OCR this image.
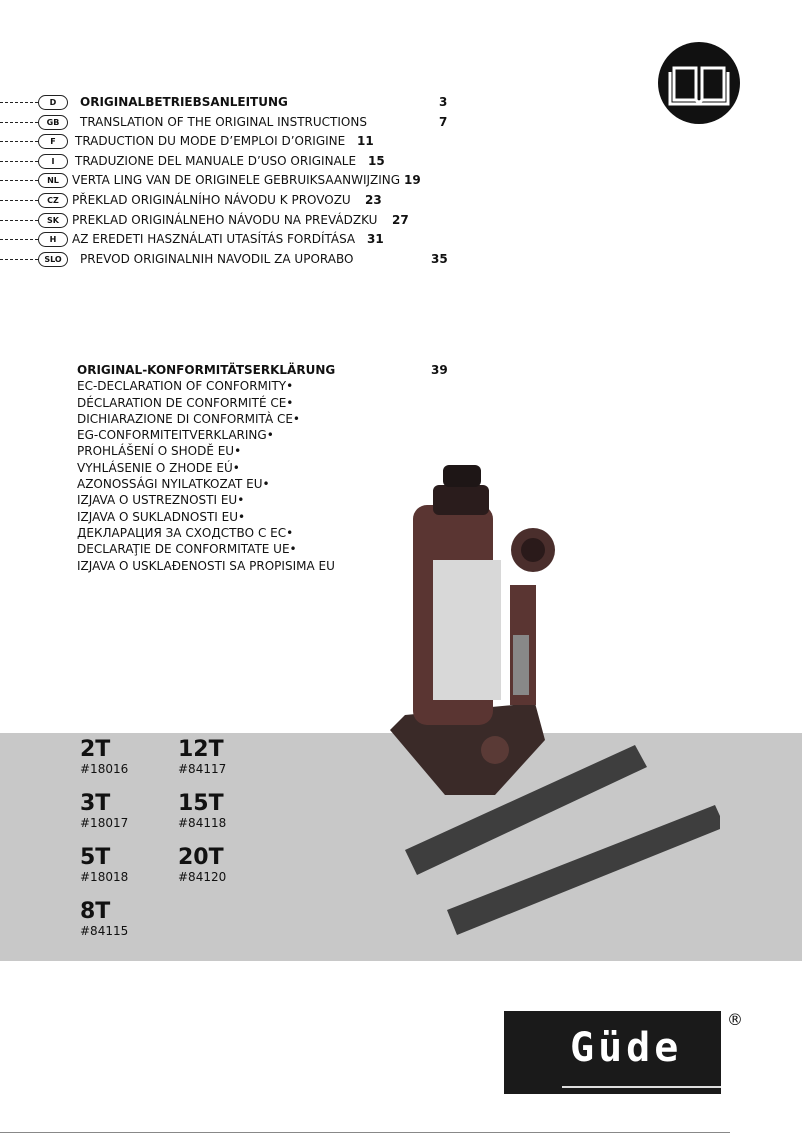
D	ORIGINALBETRIEBSANLEITUNG	3
GB	TRANSLATION OF THE ORIGINAL INSTRUCTIONS	7
F	TRADUCTION DU MODE D’EMPLOI D’ORIGINE 11
I	TRADUZIONE DEL MANUALE D’USO ORIGINALE 15
NL	VERTA LING VAN DE ORIGINELE GEBRUIKSAANWIJZING 19
CZ	PŘEKLAD ORIGINÁLNÍHO NÁVODU K PROVOZU 23
SK	PREKLAD ORIGINÁLNEHO NÁVODU NA PREVÁDZKU 27
H	AZ EREDETI HASZNÁLATI UTASÍTÁS FORDÍTÁSA 31
SLO	PREVOD ORIGINALNIH NAVODIL ZA UPORABO	35
ORIGINAL-KONFORMITÄTSERKLÄRUNG	39
EC-DECLARATION OF CONFORMITY•
DÉCLARATION DE CONFORMITÉ CE•
DICHIARAZIONE DI CONFORMITÀ CE•
EG-CONFORMITEITVERKLARING•
PROHLÁŠENÍ O SHODĚ EU•
VYHLÁSENIE O ZHODE EÚ•
AZONOSSÁGI NYILATKOZAT EU•
IZJAVA O USTREZNOSTI EU•
IZJAVA O SUKLADNOSTI EU•
ДЕКЛАРАЦИЯ ЗА СХОДСТВО С ЕС•
DECLARAŢIE DE CONFORMITATE UE•
IZJAVA O USKLAĐENOSTI SA PROPISIMA EU
2T
#18016
3T
#18017
5T
#18018
8T
#84115
12T
#84117
15T
#84118
20T
#84120
Güde
®
